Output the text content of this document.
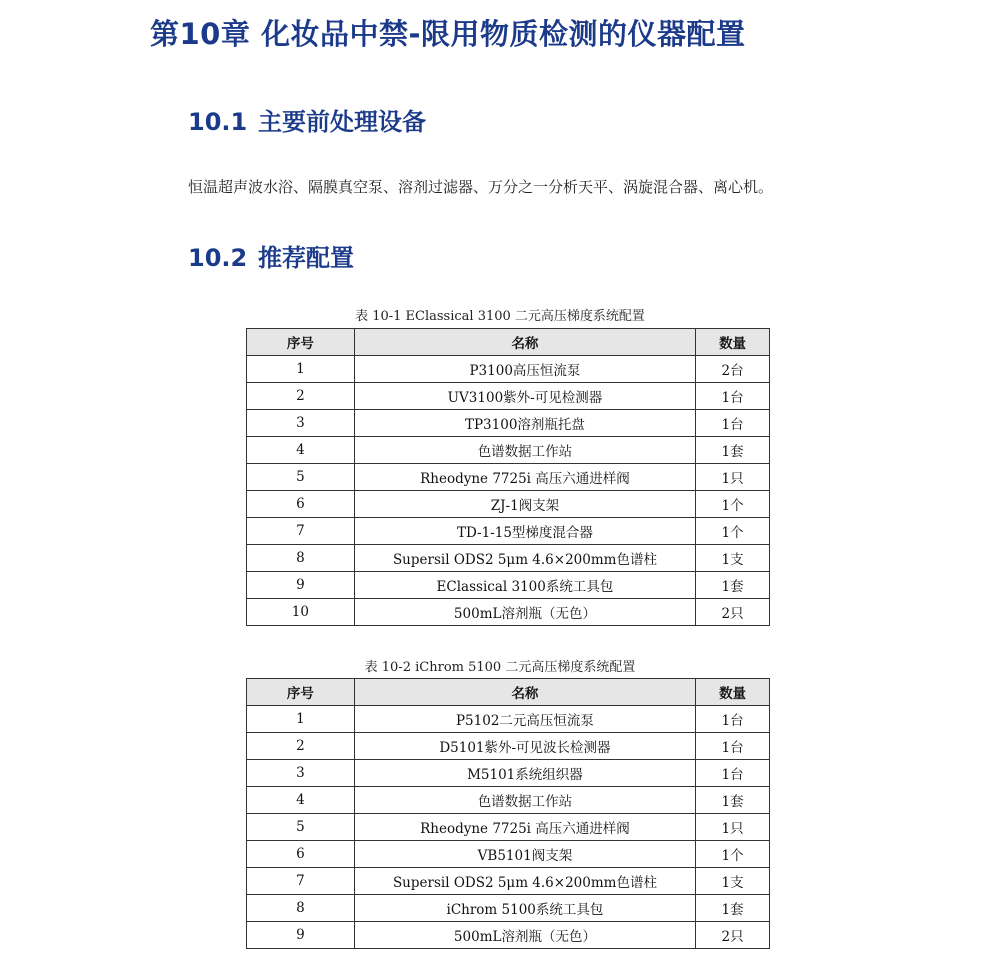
第10章 化妆品中禁-限用物质检测的仪器配置
10.1 主要前处理设备

恒温超声波水浴、隔膜真空泵、溶剂过滤器、万分之一分析天平、涡旋混合器、离心机。

10.2 推荐配置
表 10-1 EClassical 3100 二元高压梯度系统配置
序号	名称	数量
1	P3100高压恒流泵	2台
2	UV3100紫外-可见检测器	1台
3	TP3100溶剂瓶托盘	1台
4	色谱数据工作站	1套
5	Rheodyne 7725i 高压六通进样阀	1只
6	ZJ-1阀支架	1个
7	TD-1-15型梯度混合器	1个
8	Supersil ODS2 5μm 4.6×200mm色谱柱	1支
9	EClassical 3100系统工具包	1套
10	500mL溶剂瓶（无色）	2只
表 10-2 iChrom 5100 二元高压梯度系统配置
序号	名称	数量
1	P5102二元高压恒流泵	1台
2	D5101紫外-可见波长检测器	1台
3	M5101系统组织器	1台
4	色谱数据工作站	1套
5	Rheodyne 7725i 高压六通进样阀	1只
6	VB5101阀支架	1个
7	Supersil ODS2 5μm 4.6×200mm色谱柱	1支
8	iChrom 5100系统工具包	1套
9	500mL溶剂瓶（无色）	2只
